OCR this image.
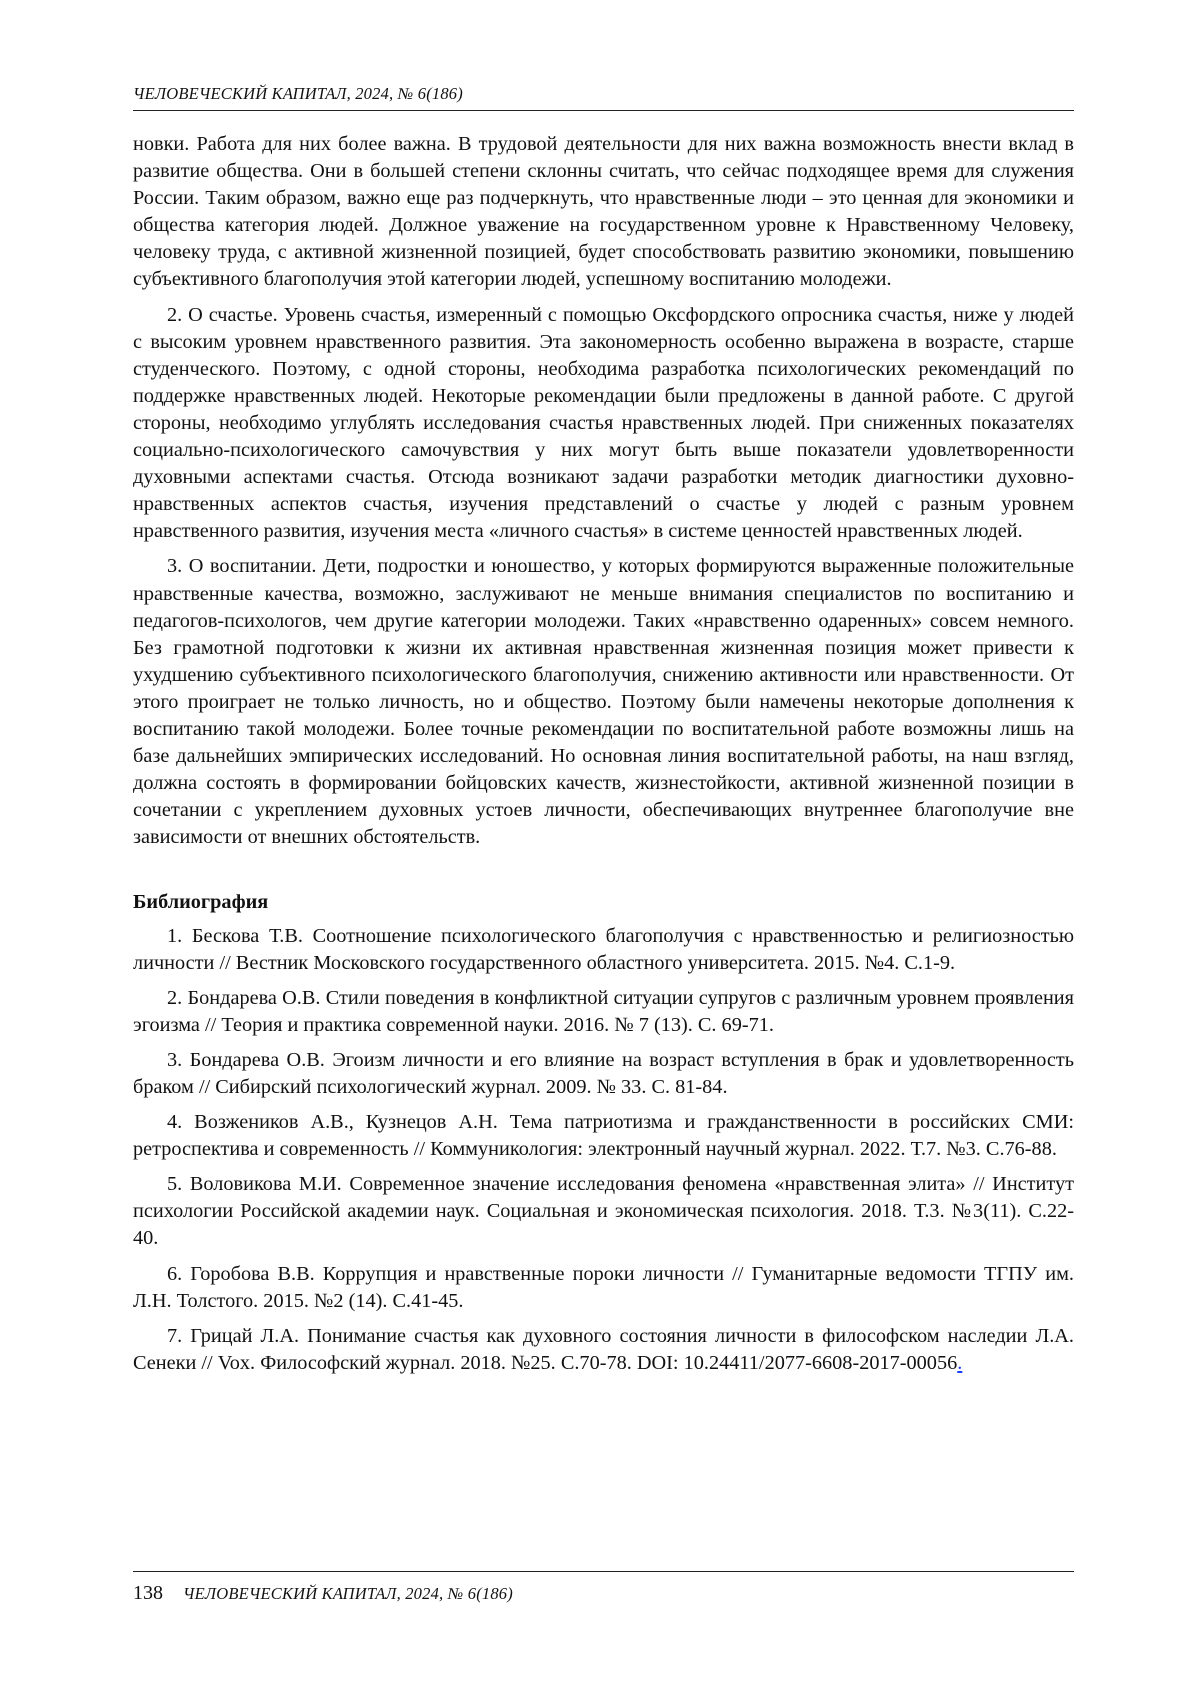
ЧЕЛОВЕЧЕСКИЙ КАПИТАЛ, 2024, № 6(186)

новки. Работа для них более важна. В трудовой деятельности для них важна возможность внести вклад в развитие общества. Они в большей степени склонны считать, что сейчас подходящее время для служения России. Таким образом, важно еще раз подчеркнуть, что нравственные люди – это ценная для экономики и общества категория людей. Должное уважение на государственном уровне к Нравственному Человеку, человеку труда, с активной жизненной позицией, будет способствовать развитию экономики, повышению субъективного благополучия этой категории людей, успешному воспитанию молодежи.

2. О счастье. Уровень счастья, измеренный с помощью Оксфордского опросника счастья, ниже у людей с высоким уровнем нравственного развития. Эта закономерность особенно выражена в возрасте, старше студенческого. Поэтому, с одной стороны, необходима разработка психологических рекомендаций по поддержке нравственных людей. Некоторые рекомендации были предложены в данной работе. С другой стороны, необходимо углублять исследования счастья нравственных людей. При сниженных показателях социально-психологического самочувствия у них могут быть выше показатели удовлетворенности духовными аспектами счастья. Отсюда возникают задачи разработки методик диагностики духовно-нравственных аспектов счастья, изучения представлений о счастье у людей с разным уровнем нравственного развития, изучения места «личного счастья» в системе ценностей нравственных людей.

3. О воспитании. Дети, подростки и юношество, у которых формируются выраженные положительные нравственные качества, возможно, заслуживают не меньше внимания специалистов по воспитанию и педагогов-психологов, чем другие категории молодежи. Таких «нравственно одаренных» совсем немного. Без грамотной подготовки к жизни их активная нравственная жизненная позиция может привести к ухудшению субъективного психологического благополучия, снижению активности или нравственности. От этого проиграет не только личность, но и общество. Поэтому были намечены некоторые дополнения к воспитанию такой молодежи. Более точные рекомендации по воспитательной работе возможны лишь на базе дальнейших эмпирических исследований. Но основная линия воспитательной работы, на наш взгляд, должна состоять в формировании бойцовских качеств, жизнестойкости, активной жизненной позиции в сочетании с укреплением духовных устоев личности, обеспечивающих внутреннее благополучие вне зависимости от внешних обстоятельств.

Библиография

1. Бескова Т.В. Соотношение психологического благополучия с нравственностью и религиозностью личности // Вестник Московского государственного областного университета. 2015. №4. С.1-9.

2. Бондарева О.В. Стили поведения в конфликтной ситуации супругов с различным уровнем проявления эгоизма // Теория и практика современной науки. 2016. № 7 (13). С. 69-71.

3. Бондарева О.В. Эгоизм личности и его влияние на возраст вступления в брак и удовлетворенность браком // Сибирский психологический журнал. 2009. № 33. С. 81-84.

4. Возжеников А.В., Кузнецов А.Н. Тема патриотизма и гражданственности в российских СМИ: ретроспектива и современность // Коммуникология: электронный научный журнал. 2022. Т.7. №3. С.76-88.

5. Воловикова М.И. Современное значение исследования феномена «нравственная элита» // Институт психологии Российской академии наук. Социальная и экономическая психология. 2018. Т.3. №3(11). С.22-40.

6. Горобова В.В. Коррупция и нравственные пороки личности // Гуманитарные ведомости ТГПУ им. Л.Н. Толстого. 2015. №2 (14). С.41-45.

7. Грицай Л.А. Понимание счастья как духовного состояния личности в философском наследии Л.А. Сенеки // Vox. Философский журнал. 2018. №25. С.70-78. DOI: 10.24411/2077-6608-2017-00056.

138 ЧЕЛОВЕЧЕСКИЙ КАПИТАЛ, 2024, № 6(186)
